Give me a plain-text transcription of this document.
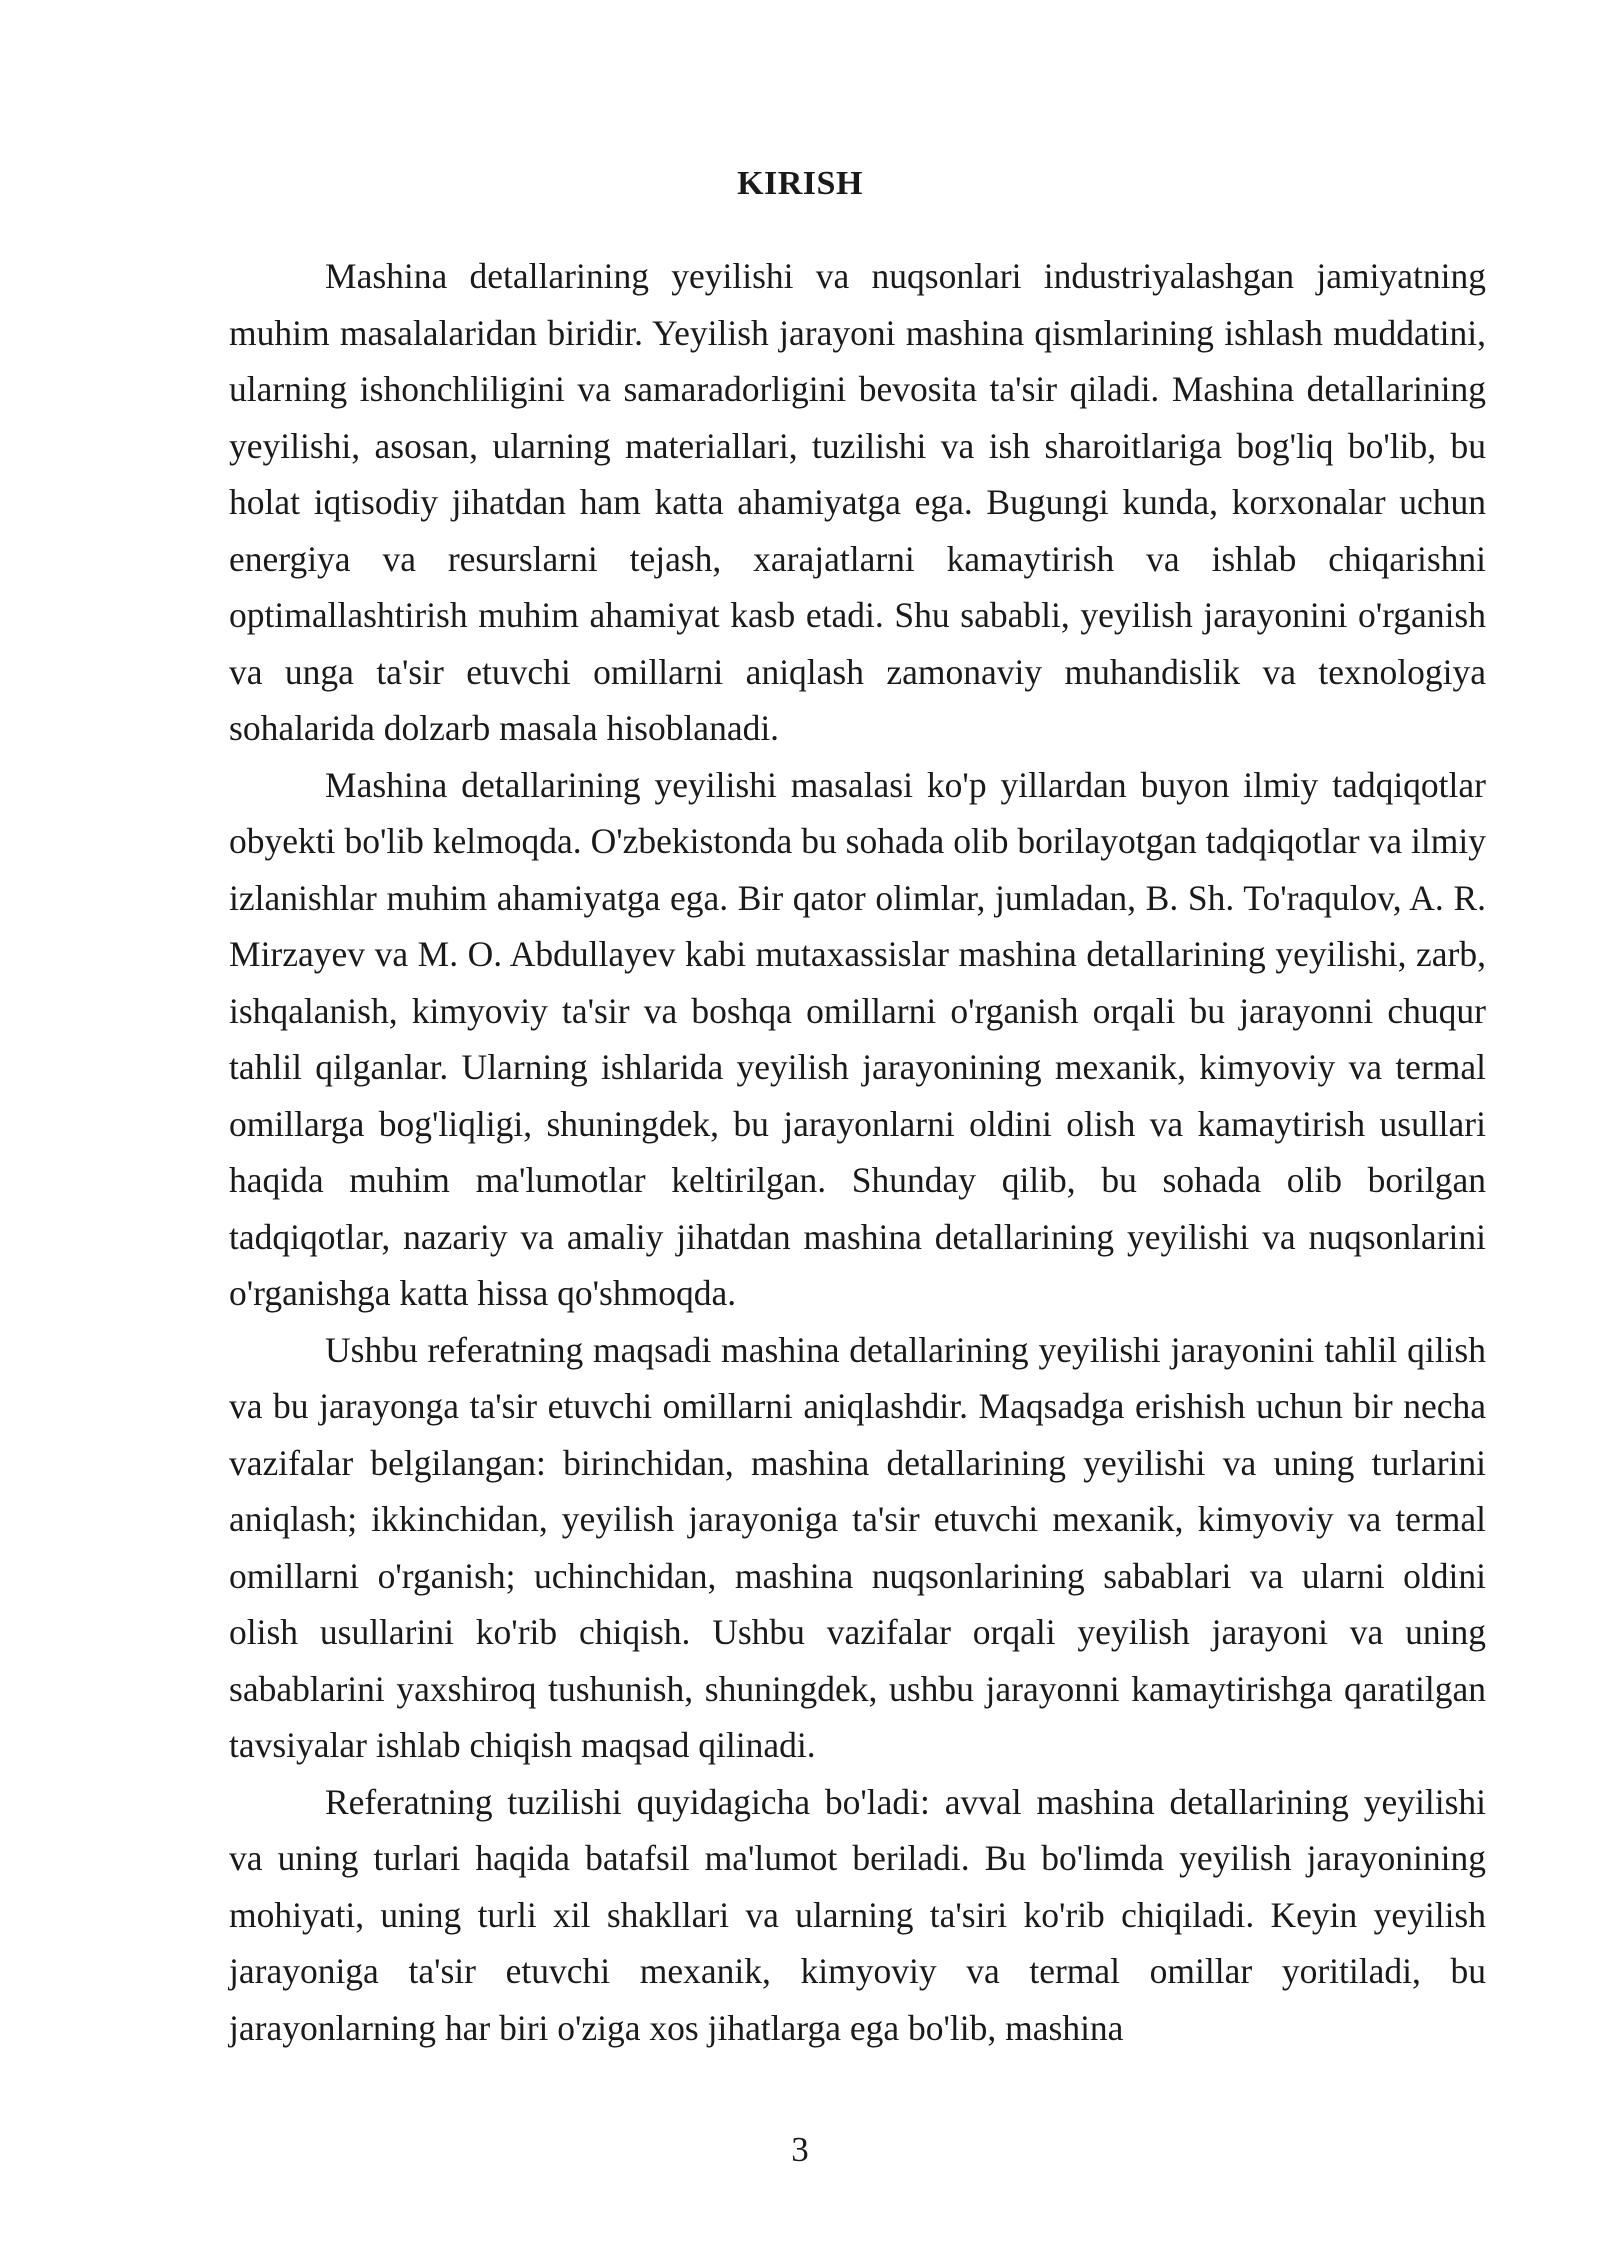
KIRISH

Mashina detallarining yeyilishi va nuqsonlari industriyalashgan jamiyatning muhim masalalaridan biridir. Yeyilish jarayoni mashina qismlarining ishlash muddatini, ularning ishonchliligini va samaradorligini bevosita ta'sir qiladi. Mashina detallarining yeyilishi, asosan, ularning materiallari, tuzilishi va ish sharoitlariga bog'liq bo'lib, bu holat iqtisodiy jihatdan ham katta ahamiyatga ega. Bugungi kunda, korxonalar uchun energiya va resurslarni tejash, xarajatlarni kamaytirish va ishlab chiqarishni optimallashtirish muhim ahamiyat kasb etadi. Shu sababli, yeyilish jarayonini o'rganish va unga ta'sir etuvchi omillarni aniqlash zamonaviy muhandislik va texnologiya sohalarida dolzarb masala hisoblanadi.

Mashina detallarining yeyilishi masalasi ko'p yillardan buyon ilmiy tadqiqotlar obyekti bo'lib kelmoqda. O'zbekistonda bu sohada olib borilayotgan tadqiqotlar va ilmiy izlanishlar muhim ahamiyatga ega. Bir qator olimlar, jumladan, B. Sh. To'raqulov, A. R. Mirzayev va M. O. Abdullayev kabi mutaxassislar mashina detallarining yeyilishi, zarb, ishqalanish, kimyoviy ta'sir va boshqa omillarni o'rganish orqali bu jarayonni chuqur tahlil qilganlar. Ularning ishlarida yeyilish jarayonining mexanik, kimyoviy va termal omillarga bog'liqligi, shuningdek, bu jarayonlarni oldini olish va kamaytirish usullari haqida muhim ma'lumotlar keltirilgan. Shunday qilib, bu sohada olib borilgan tadqiqotlar, nazariy va amaliy jihatdan mashina detallarining yeyilishi va nuqsonlarini o'rganishga katta hissa qo'shmoqda.

Ushbu referatning maqsadi mashina detallarining yeyilishi jarayonini tahlil qilish va bu jarayonga ta'sir etuvchi omillarni aniqlashdir. Maqsadga erishish uchun bir necha vazifalar belgilangan: birinchidan, mashina detallarining yeyilishi va uning turlarini aniqlash; ikkinchidan, yeyilish jarayoniga ta'sir etuvchi mexanik, kimyoviy va termal omillarni o'rganish; uchinchidan, mashina nuqsonlarining sabablari va ularni oldini olish usullarini ko'rib chiqish. Ushbu vazifalar orqali yeyilish jarayoni va uning sabablarini yaxshiroq tushunish, shuningdek, ushbu jarayonni kamaytirishga qaratilgan tavsiyalar ishlab chiqish maqsad qilinadi.

Referatning tuzilishi quyidagicha bo'ladi: avval mashina detallarining yeyilishi va uning turlari haqida batafsil ma'lumot beriladi. Bu bo'limda yeyilish jarayonining mohiyati, uning turli xil shakllari va ularning ta'siri ko'rib chiqiladi. Keyin yeyilish jarayoniga ta'sir etuvchi mexanik, kimyoviy va termal omillar yoritiladi, bu jarayonlarning har biri o'ziga xos jihatlarga ega bo'lib, mashina

3
